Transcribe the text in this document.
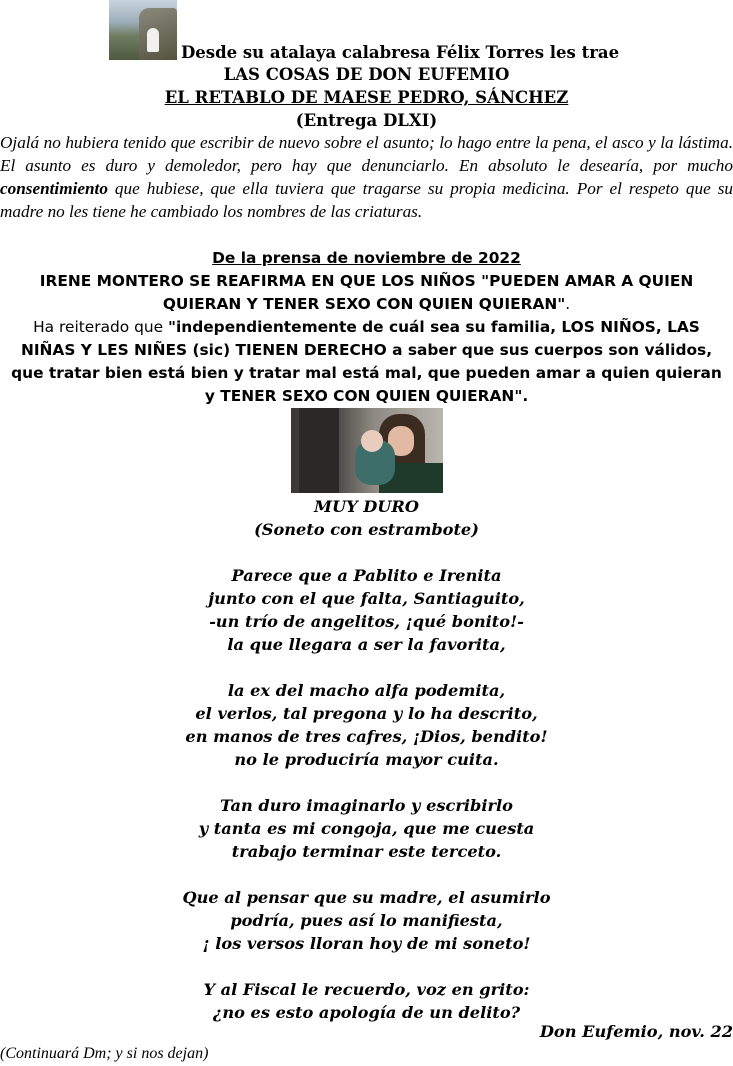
Desde su atalaya calabresa Félix Torres les trae
LAS COSAS DE DON EUFEMIO
EL RETABLO DE MAESE PEDRO, SÁNCHEZ
(Entrega DLXI)
Ojalá no hubiera tenido que escribir de nuevo sobre el asunto; lo hago entre la pena, el asco y la lástima. El asunto es duro y demoledor, pero hay que denunciarlo. En absoluto le desearía, por mucho consentimiento que hubiese, que ella tuviera que tragarse su propia medicina. Por el respeto que su madre no les tiene he cambiado los nombres de las criaturas.
De la prensa de noviembre de 2022
IRENE MONTERO SE REAFIRMA EN QUE LOS NIÑOS "PUEDEN AMAR A QUIEN
QUIERAN Y TENER SEXO CON QUIEN QUIERAN".
Ha reiterado que "independientemente de cuál sea su familia, LOS NIÑOS, LAS
NIÑAS Y LES NIÑES (sic) TIENEN DERECHO a saber que sus cuerpos son válidos,
que tratar bien está bien y tratar mal está mal, que pueden amar a quien quieran
y TENER SEXO CON QUIEN QUIERAN".
MUY DURO
(Soneto con estrambote)
Parece que a Pablito e Irenita
junto con el que falta, Santiaguito,
-un trío de angelitos, ¡qué bonito!-
la que llegara a ser la favorita,
la ex del macho alfa podemita,
el verlos, tal pregona y lo ha descrito,
en manos de tres cafres, ¡Dios, bendito!
no le produciría mayor cuita.
Tan duro imaginarlo y escribirlo
y tanta es mi congoja, que me cuesta
trabajo terminar este terceto.
Que al pensar que su madre, el asumirlo
podría, pues así lo manifiesta,
¡ los versos lloran hoy de mi soneto!
Y al Fiscal le recuerdo, voz en grito:
¿no es esto apología de un delito?
Don Eufemio, nov. 22
(Continuará Dm; y si nos dejan)
